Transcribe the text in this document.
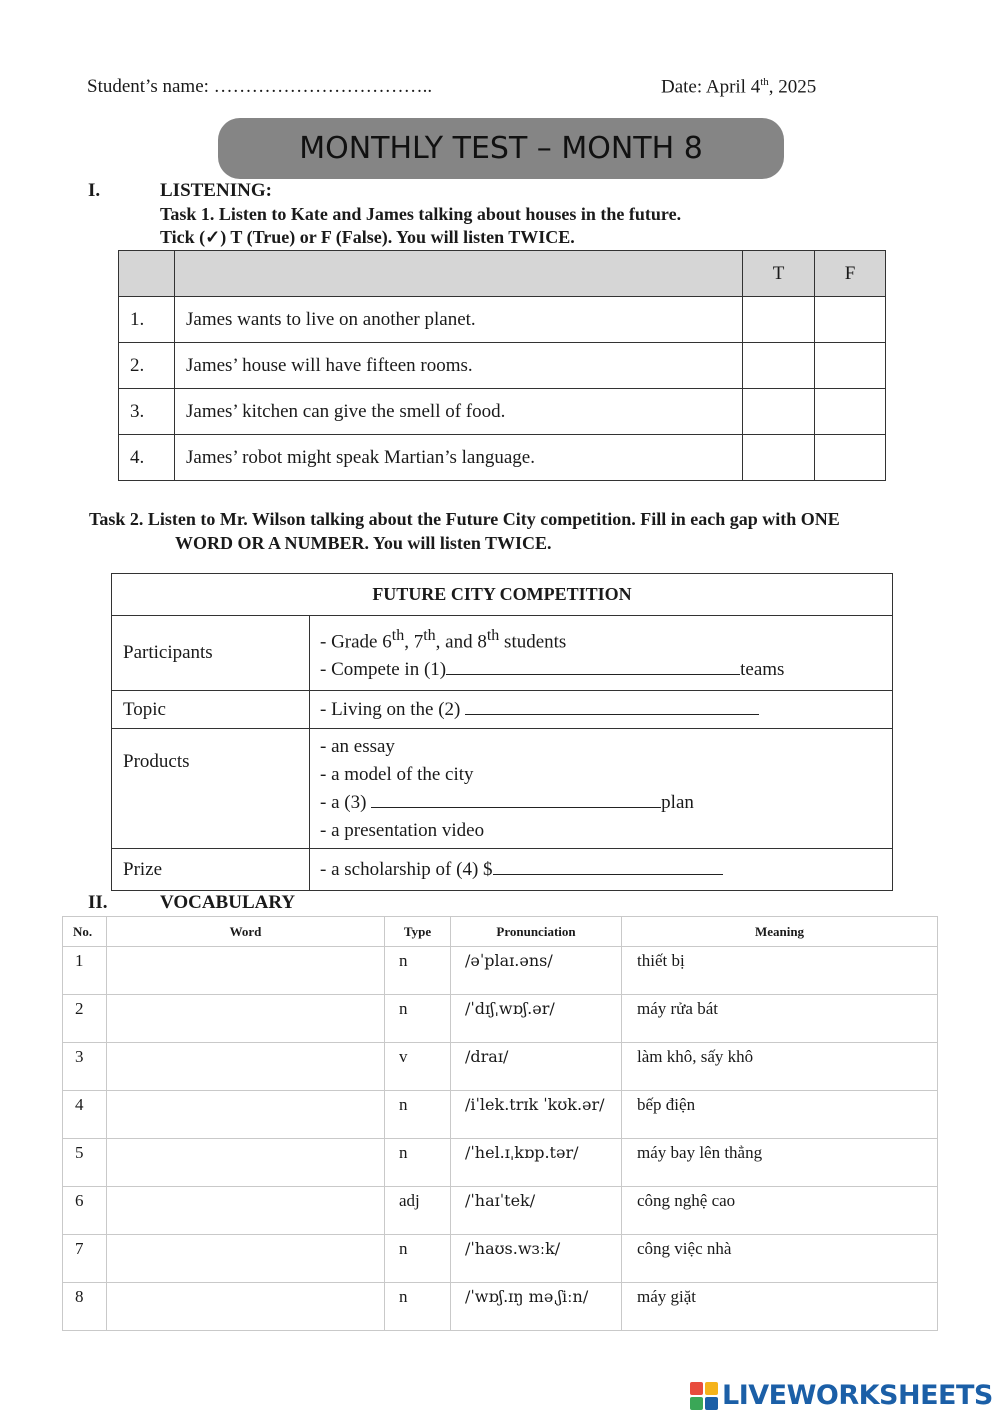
Student’s name: ……………………………..	Date: April 4th, 2025
MONTHLY TEST – MONTH 8
I.	LISTENING:
Task 1. Listen to Kate and James talking about houses in the future.
Tick (✓) T (True) or F (False). You will listen TWICE.
		T	F
1.	James wants to live on another planet.		
2.	James’ house will have fifteen rooms.		
3.	James’ kitchen can give the smell of food.		
4.	James’ robot might speak Martian’s language.		
Task 2. Listen to Mr. Wilson talking about the Future City competition. Fill in each gap with ONE
WORD OR A NUMBER. You will listen TWICE.
FUTURE CITY COMPETITION	
Participants	- Grade 6th, 7th, and 8th students
- Compete in (1) teams

Topic	- Living on the (2)
Products	- an essay
- a model of the city
- a (3) plan
- a presentation video

Prize	- a scholarship of (4) $
II.	VOCABULARY
No.	Word	Type	Pronunciation	Meaning
1		n	/əˈplaɪ.əns/	thiết bị
2		n	/ˈdɪʃˌwɒʃ.ər/	máy rửa bát
3		v	/draɪ/	làm khô, sấy khô
4		n	/iˈlek.trɪk ˈkʊk.ər/	bếp điện
5		n	/ˈhel.ɪˌkɒp.tər/	máy bay lên thẳng
6		adj	/ˈhaɪˈtek/	công nghệ cao
7		n	/ˈhaʊs.wɜːk/	công việc nhà
8		n	/ˈwɒʃ.ɪŋ məˌʃiːn/	máy giặt
LIVEWORKSHEETS
